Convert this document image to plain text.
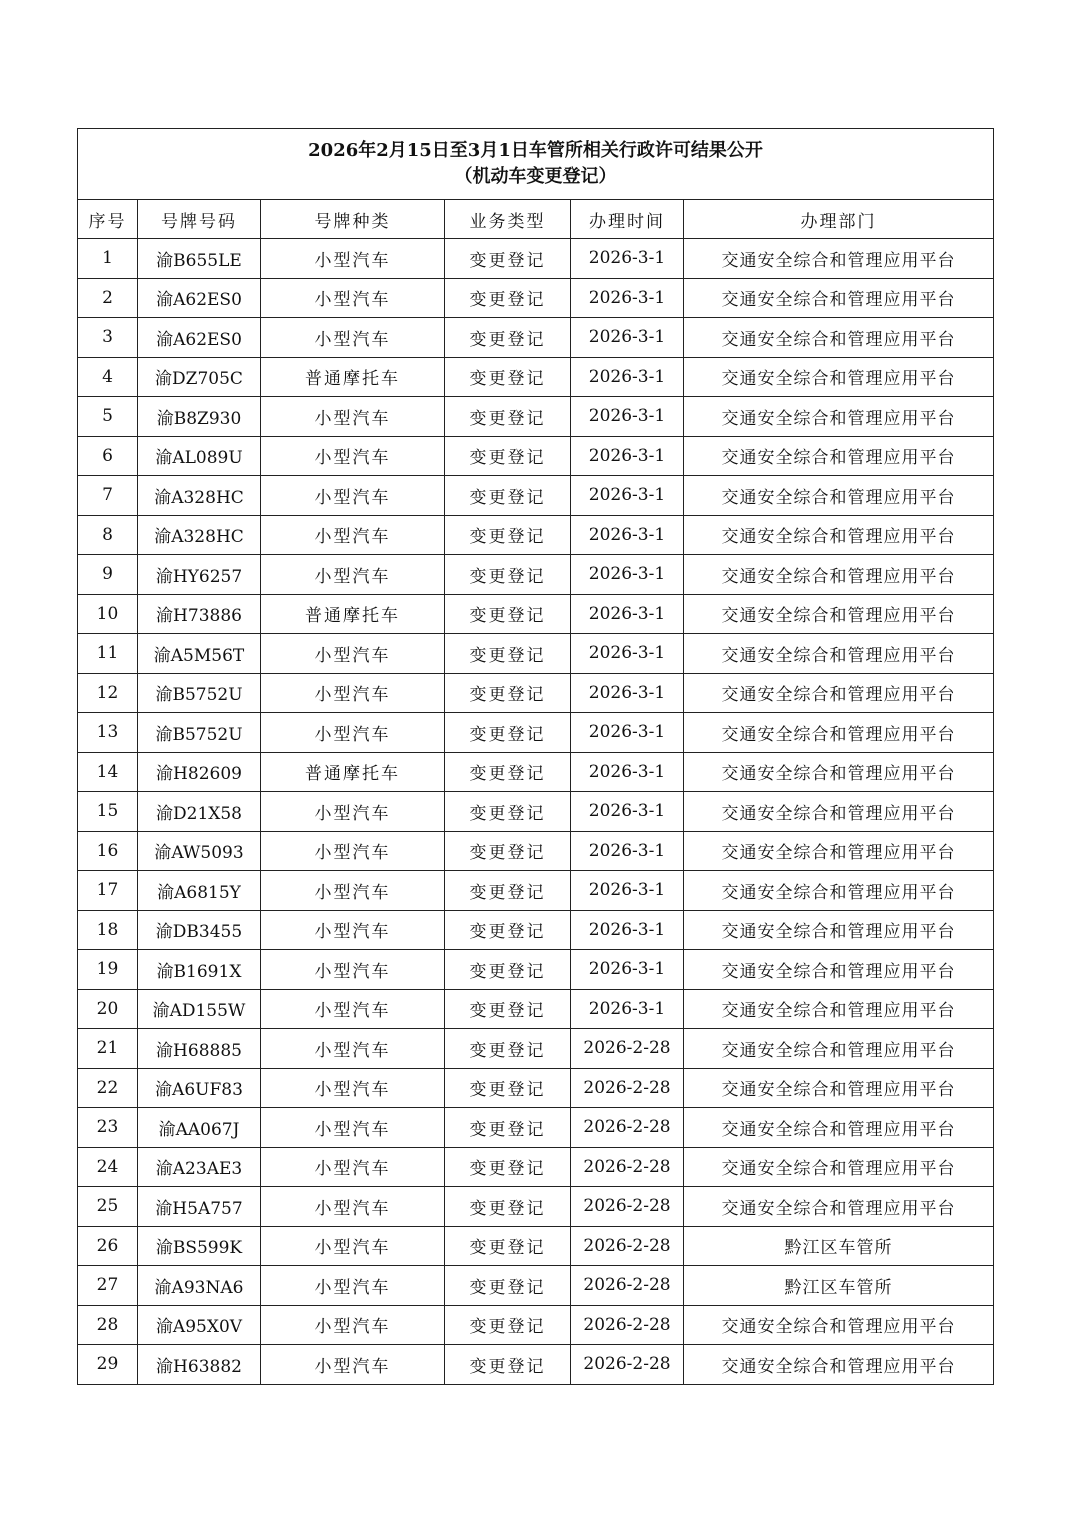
2026年2月15日至3月1日车管所相关行政许可结果公开
（机动车变更登记）					

序号	号牌号码	号牌种类	业务类型	办理时间	办理部门
1	渝B655LE	小型汽车	变更登记	2026-3-1	交通安全综合和管理应用平台
2	渝A62ES0	小型汽车	变更登记	2026-3-1	交通安全综合和管理应用平台
3	渝A62ES0	小型汽车	变更登记	2026-3-1	交通安全综合和管理应用平台
4	渝DZ705C	普通摩托车	变更登记	2026-3-1	交通安全综合和管理应用平台
5	渝B8Z930	小型汽车	变更登记	2026-3-1	交通安全综合和管理应用平台
6	渝AL089U	小型汽车	变更登记	2026-3-1	交通安全综合和管理应用平台
7	渝A328HC	小型汽车	变更登记	2026-3-1	交通安全综合和管理应用平台
8	渝A328HC	小型汽车	变更登记	2026-3-1	交通安全综合和管理应用平台
9	渝HY6257	小型汽车	变更登记	2026-3-1	交通安全综合和管理应用平台
10	渝H73886	普通摩托车	变更登记	2026-3-1	交通安全综合和管理应用平台
11	渝A5M56T	小型汽车	变更登记	2026-3-1	交通安全综合和管理应用平台
12	渝B5752U	小型汽车	变更登记	2026-3-1	交通安全综合和管理应用平台
13	渝B5752U	小型汽车	变更登记	2026-3-1	交通安全综合和管理应用平台
14	渝H82609	普通摩托车	变更登记	2026-3-1	交通安全综合和管理应用平台
15	渝D21X58	小型汽车	变更登记	2026-3-1	交通安全综合和管理应用平台
16	渝AW5093	小型汽车	变更登记	2026-3-1	交通安全综合和管理应用平台
17	渝A6815Y	小型汽车	变更登记	2026-3-1	交通安全综合和管理应用平台
18	渝DB3455	小型汽车	变更登记	2026-3-1	交通安全综合和管理应用平台
19	渝B1691X	小型汽车	变更登记	2026-3-1	交通安全综合和管理应用平台
20	渝AD155W	小型汽车	变更登记	2026-3-1	交通安全综合和管理应用平台
21	渝H68885	小型汽车	变更登记	2026-2-28	交通安全综合和管理应用平台
22	渝A6UF83	小型汽车	变更登记	2026-2-28	交通安全综合和管理应用平台
23	渝AA067J	小型汽车	变更登记	2026-2-28	交通安全综合和管理应用平台
24	渝A23AE3	小型汽车	变更登记	2026-2-28	交通安全综合和管理应用平台
25	渝H5A757	小型汽车	变更登记	2026-2-28	交通安全综合和管理应用平台
26	渝BS599K	小型汽车	变更登记	2026-2-28	黔江区车管所
27	渝A93NA6	小型汽车	变更登记	2026-2-28	黔江区车管所
28	渝A95X0V	小型汽车	变更登记	2026-2-28	交通安全综合和管理应用平台
29	渝H63882	小型汽车	变更登记	2026-2-28	交通安全综合和管理应用平台
